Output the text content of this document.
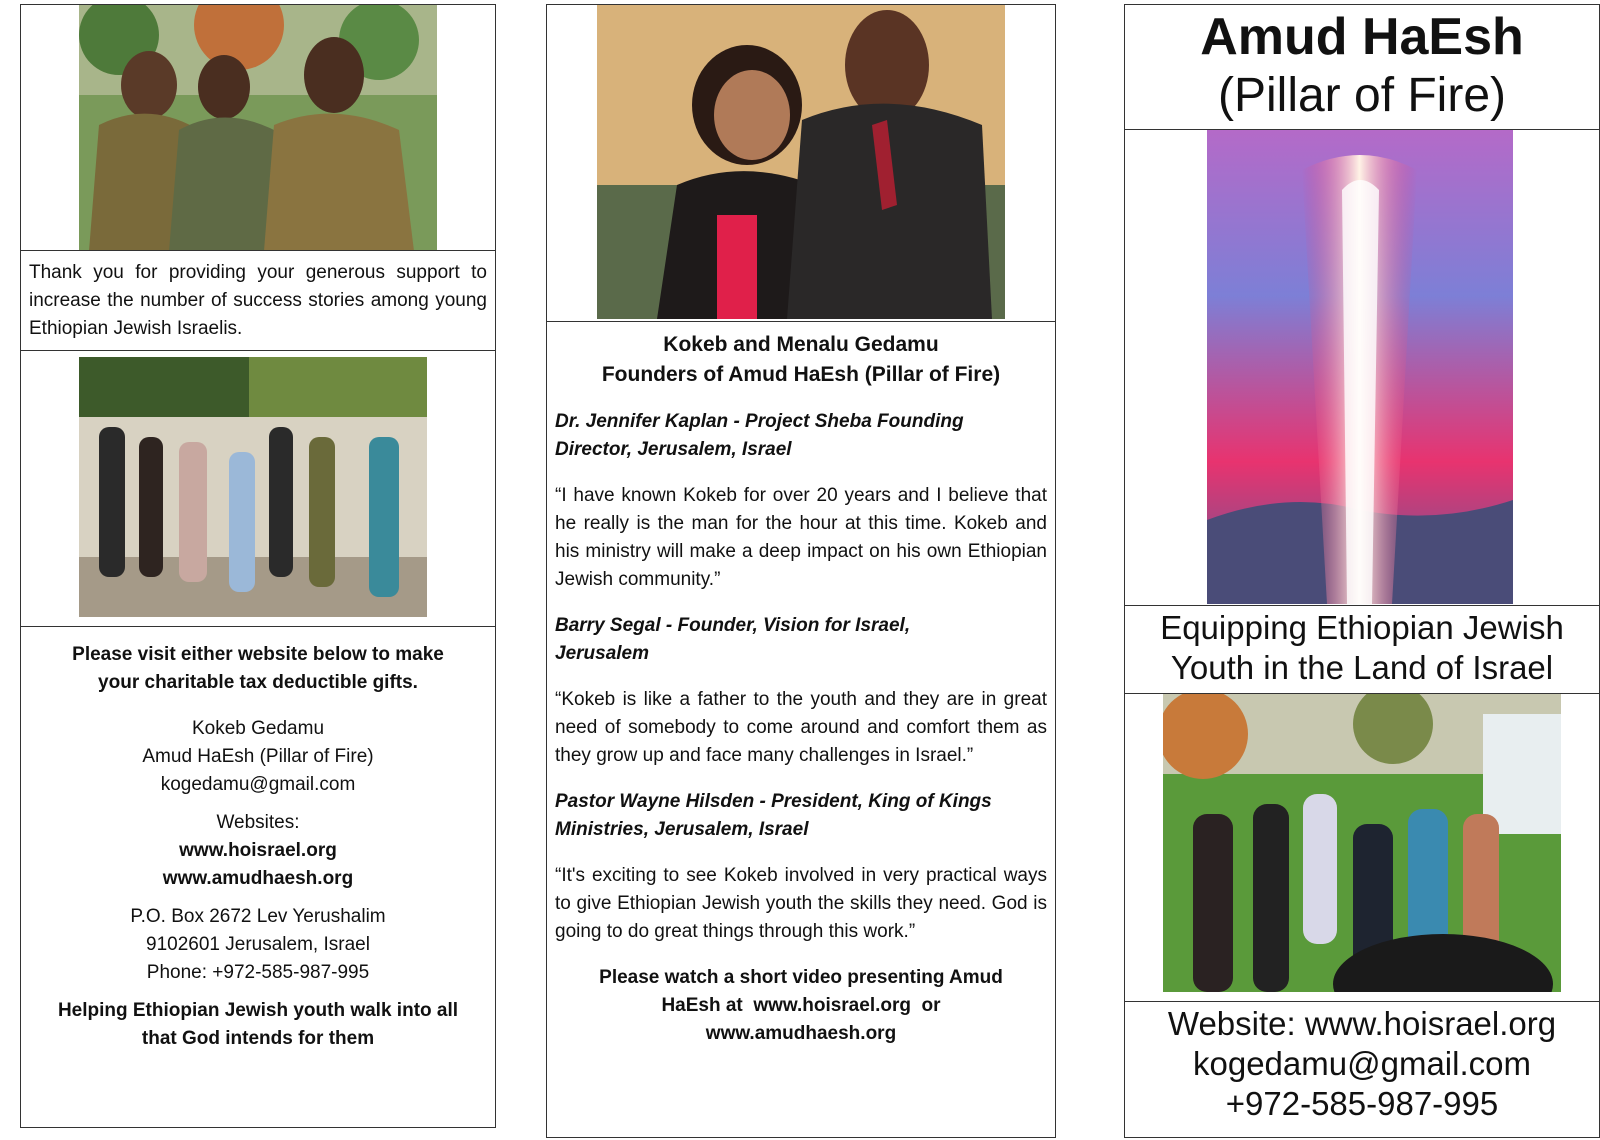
Thank you for providing your generous support to increase the number of success stories among young Ethiopian Jewish Israelis.

Please visit either website below to make your charitable tax deductible gifts.

Kokeb Gedamu

Amud HaEsh (Pillar of Fire)

kogedamu@gmail.com

Websites:

www.hoisrael.org

www.amudhaesh.org

P.O. Box 2672 Lev Yerushalim

9102601 Jerusalem, Israel

Phone: +972-585-987-995

Helping Ethiopian Jewish youth walk into all that God intends for them

Kokeb and Menalu Gedamu

Founders of Amud HaEsh (Pillar of Fire)

Dr. Jennifer Kaplan - Project Sheba Founding Director, Jerusalem, Israel

“I have known Kokeb for over 20 years and I believe that he really is the man for the hour at this time. Kokeb and his ministry will make a deep impact on his own Ethiopian Jewish community.”

Barry Segal - Founder, Vision for Israel, Jerusalem

“Kokeb is like a father to the youth and they are in great need of somebody to come around and comfort them as they grow up and face many challenges in Israel.”

Pastor Wayne Hilsden - President, King of Kings Ministries, Jerusalem, Israel

“It's exciting to see Kokeb involved in very practical ways to give Ethiopian Jewish youth the skills they need. God is going to do great things through this work.”

Please watch a short video presenting Amud HaEsh at  www.hoisrael.org  or www.amudhaesh.org

Amud HaEsh

(Pillar of Fire)

Equipping Ethiopian Jewish

Youth in the Land of Israel

Website: www.hoisrael.org

kogedamu@gmail.com

+972-585-987-995
